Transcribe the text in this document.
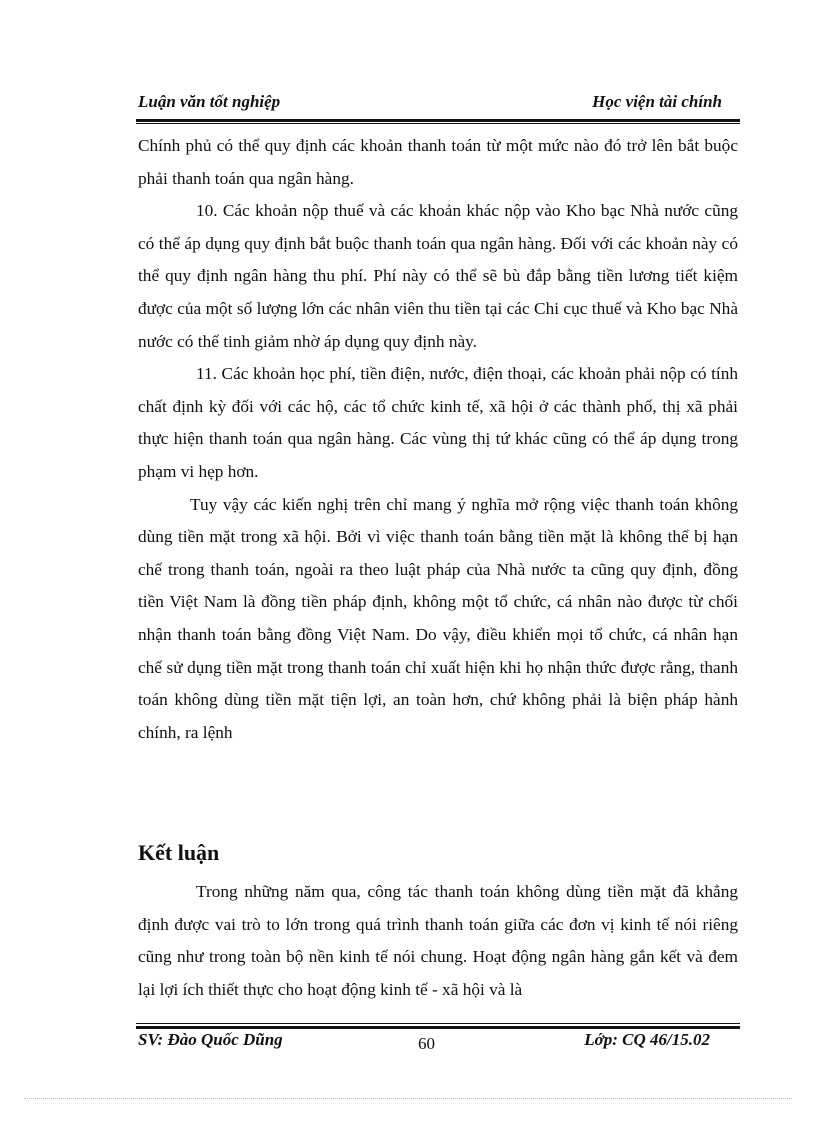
Luận văn tốt nghiệp	Học viện tài chính

Chính phủ có thể quy định các khoản thanh toán từ một mức nào đó trở lên bắt buộc phải thanh toán qua ngân hàng.

10. Các khoản nộp thuế và các khoản khác nộp vào Kho bạc Nhà nước cũng có thể áp dụng quy định bắt buộc thanh toán qua ngân hàng. Đối với các khoản này có thể quy định ngân hàng thu phí. Phí này có thể sẽ bù đắp bằng tiền lương tiết kiệm được của một số lượng lớn các nhân viên thu tiền tại các Chi cục thuế và Kho bạc Nhà nước có thể tinh giảm nhờ áp dụng quy định này.

11. Các khoản học phí, tiền điện, nước, điện thoại, các khoản phải nộp có tính chất định kỳ đối với các hộ, các tổ chức kinh tế, xã hội ở các thành phố, thị xã phải thực hiện thanh toán qua ngân hàng. Các vùng thị tứ khác cũng có thể áp dụng trong phạm vi hẹp hơn.

Tuy vậy các kiến nghị trên chỉ mang ý nghĩa mở rộng việc thanh toán không dùng tiền mặt trong xã hội. Bởi vì việc thanh toán bằng tiền mặt là không thể bị hạn chế trong thanh toán, ngoài ra theo luật pháp của Nhà nước ta cũng quy định, đồng tiền Việt Nam là đồng tiền pháp định, không một tổ chức, cá nhân nào được từ chối nhận thanh toán bằng đồng Việt Nam. Do vậy, điều khiển mọi tổ chức, cá nhân hạn chế sử dụng tiền mặt trong thanh toán chỉ xuất hiện khi họ nhận thức được rằng, thanh toán không dùng tiền mặt tiện lợi, an toàn hơn, chứ không phải là biện pháp hành chính, ra lệnh

Kết luận

Trong những năm qua, công tác thanh toán không dùng tiền mặt đã khẳng định được vai trò to lớn trong quá trình thanh toán giữa các đơn vị kinh tế nói riêng cũng như trong toàn bộ nền kinh tế nói chung. Hoạt động ngân hàng gắn kết và đem lại lợi ích thiết thực cho hoạt động kinh tế - xã hội và là

SV: Đào Quốc Dũng	60	Lớp: CQ 46/15.02
